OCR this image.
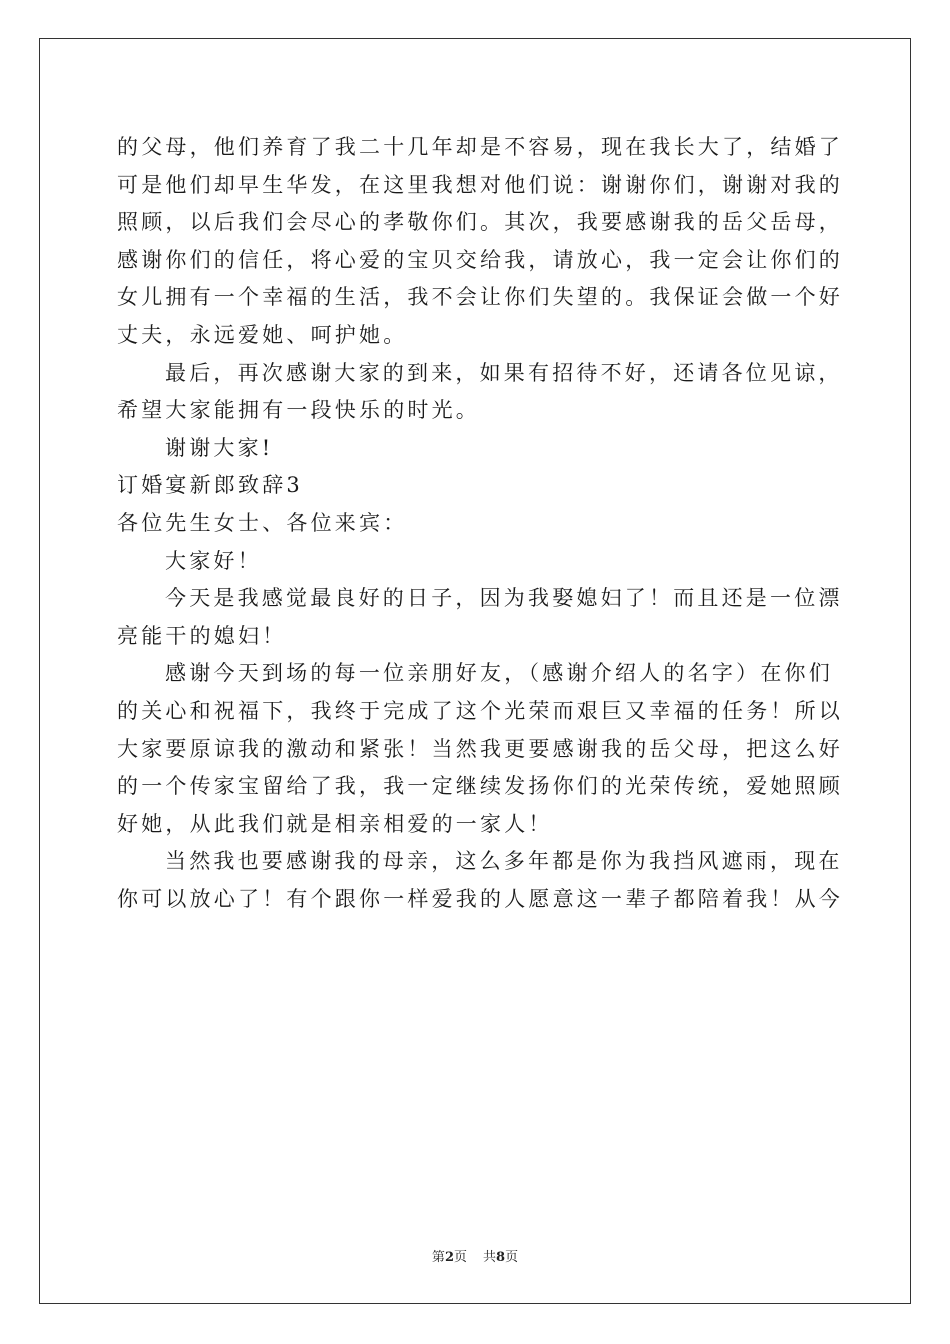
的父母，他们养育了我二十几年却是不容易，现在我长大了，结婚了

可是他们却早生华发，在这里我想对他们说：谢谢你们，谢谢对我的

照顾，以后我们会尽心的孝敬你们。其次，我要感谢我的岳父岳母，

感谢你们的信任，将心爱的宝贝交给我，请放心，我一定会让你们的

女儿拥有一个幸福的生活，我不会让你们失望的。我保证会做一个好

丈夫，永远爱她、呵护她。

最后，再次感谢大家的到来，如果有招待不好，还请各位见谅，

希望大家能拥有一段快乐的时光。

谢谢大家!

订婚宴新郎致辞3

各位先生女士、各位来宾：

大家好！

今天是我感觉最良好的日子，因为我娶媳妇了！而且还是一位漂

亮能干的媳妇！

感谢今天到场的每一位亲朋好友，（感谢介绍人的名字）在你们

的关心和祝福下，我终于完成了这个光荣而艰巨又幸福的任务！所以

大家要原谅我的激动和紧张！当然我更要感谢我的岳父母，把这么好

的一个传家宝留给了我，我一定继续发扬你们的光荣传统，爱她照顾

好她，从此我们就是相亲相爱的一家人！

当然我也要感谢我的母亲，这么多年都是你为我挡风遮雨，现在

你可以放心了！有个跟你一样爱我的人愿意这一辈子都陪着我！从今

第2页 共8页
